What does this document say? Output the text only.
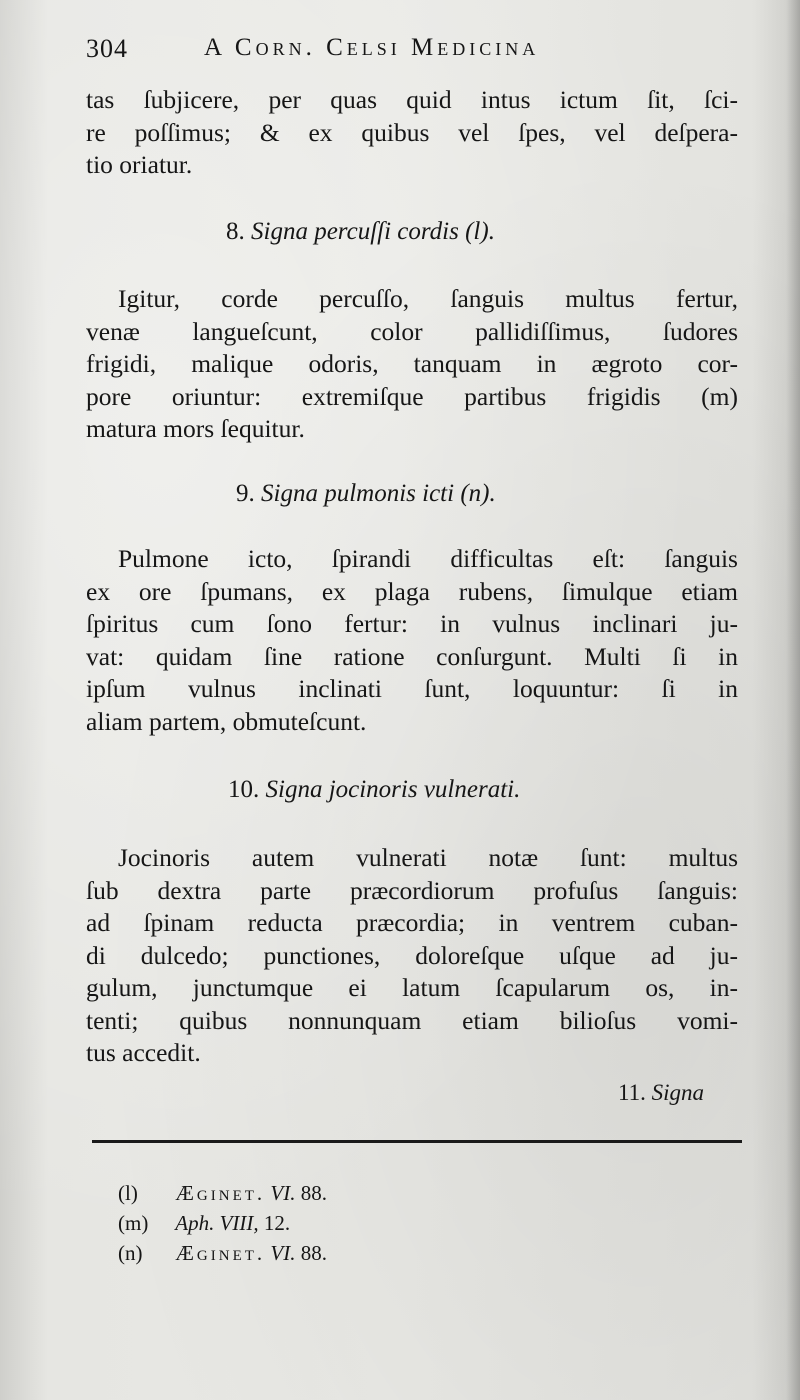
304	A Corn. Celsi Medicina
tas ſubjicere, per quas quid intus ictum ſit, ſci-
re poſſimus; & ex quibus vel ſpes, vel deſpera-
tio oriatur.
8. Signa percuſſi cordis (l).
Igitur, corde percuſſo, ſanguis multus fertur,
venæ langueſcunt, color pallidiſſimus, ſudores
frigidi, malique odoris, tanquam in ægroto cor-
pore oriuntur: extremiſque partibus frigidis (m)
matura mors ſequitur.
9. Signa pulmonis icti (n).
Pulmone icto, ſpirandi difficultas eſt: ſanguis
ex ore ſpumans, ex plaga rubens, ſimulque etiam
ſpiritus cum ſono fertur: in vulnus inclinari ju-
vat: quidam ſine ratione conſurgunt. Multi ſi in
ipſum vulnus inclinati ſunt, loquuntur: ſi in
aliam partem, obmuteſcunt.
10. Signa jocinoris vulnerati.
Jocinoris autem vulnerati notæ ſunt: multus
ſub dextra parte præcordiorum profuſus ſanguis:
ad ſpinam reducta præcordia; in ventrem cuban-
di dulcedo; punctiones, doloreſque uſque ad ju-
gulum, junctumque ei latum ſcapularum os, in-
tenti; quibus nonnunquam etiam bilioſus vomi-
tus accedit.
11. Signa
(l) Æginet. VI. 88.
(m) Aph. VIII, 12.
(n) Æginet. VI. 88.
